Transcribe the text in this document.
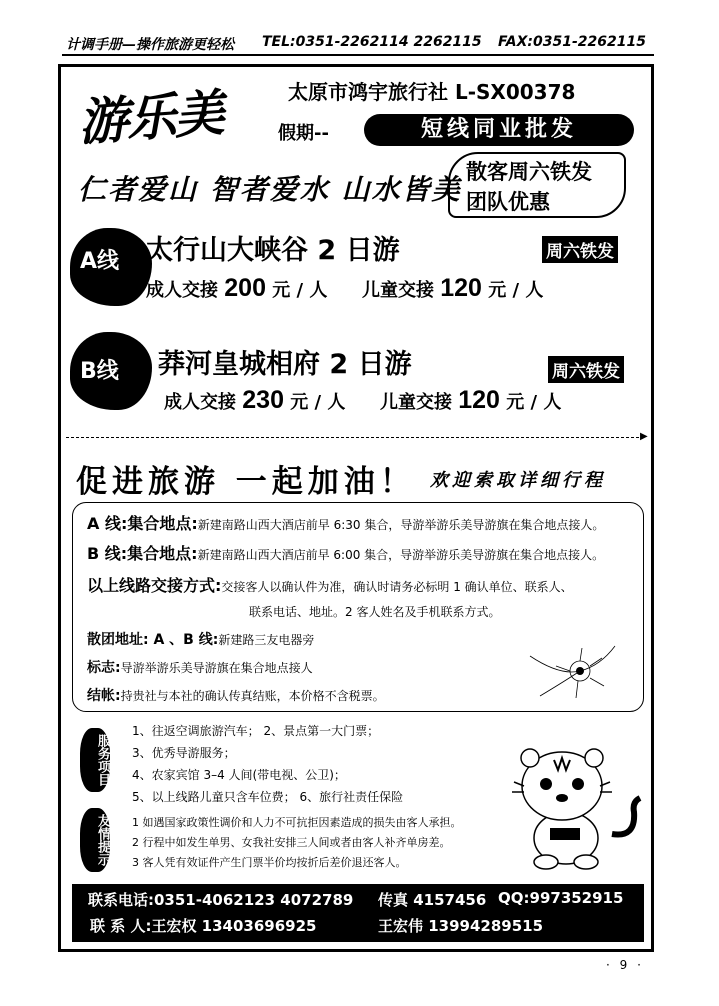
计调手册—操作旅游更轻松 TEL:0351-2262114 2262115 FAX:0351-2262115
游乐美	太原市鸿宇旅行社 L-SX00378
假期--	短线同业批发
仁者爱山 智者爱水 山水皆美
散客周六铁发
团队优惠
A线 太行山大峡谷 2 日游	周六铁发
成人交接 200 元 / 人 儿童交接 120 元 / 人
B线 莽河皇城相府 2 日游	周六铁发
成人交接 230 元 / 人 儿童交接 120 元 / 人
▶
促进旅游 一起加油！ 欢迎索取详细行程
A 线:集合地点:新建南路山西大酒店前早 6:30 集合，导游举游乐美导游旗在集合地点接人。
B 线:集合地点:新建南路山西大酒店前早 6:00 集合，导游举游乐美导游旗在集合地点接人。
以上线路交接方式:交接客人以确认件为准，确认时请务必标明 1 确认单位、联系人、
联系电话、地址。2 客人姓名及手机联系方式。
散团地址: A 、B 线:新建路三友电器旁
标志:导游举游乐美导游旗在集合地点接人
结帐:持贵社与本社的确认传真结账，本价格不含税票。
服务项目
1、往返空调旅游汽车； 2、景点第一大门票；
3、优秀导游服务；
4、农家宾馆 3–4 人间(带电视、公卫)；
5、以上线路儿童只含车位费； 6、旅行社责任保险
友情提示 1 如遇国家政策性调价和人力不可抗拒因素造成的损失由客人承担。
2 行程中如发生单男、女我社安排三人间或者由客人补齐单房差。
3 客人凭有效证件产生门票半价均按折后差价退还客人。
联系电话:0351-4062123 4072789 传真 4157456 QQ:997352915
联 系 人:王宏权 13403696925	王宏伟 13994289515
· 9 ·
